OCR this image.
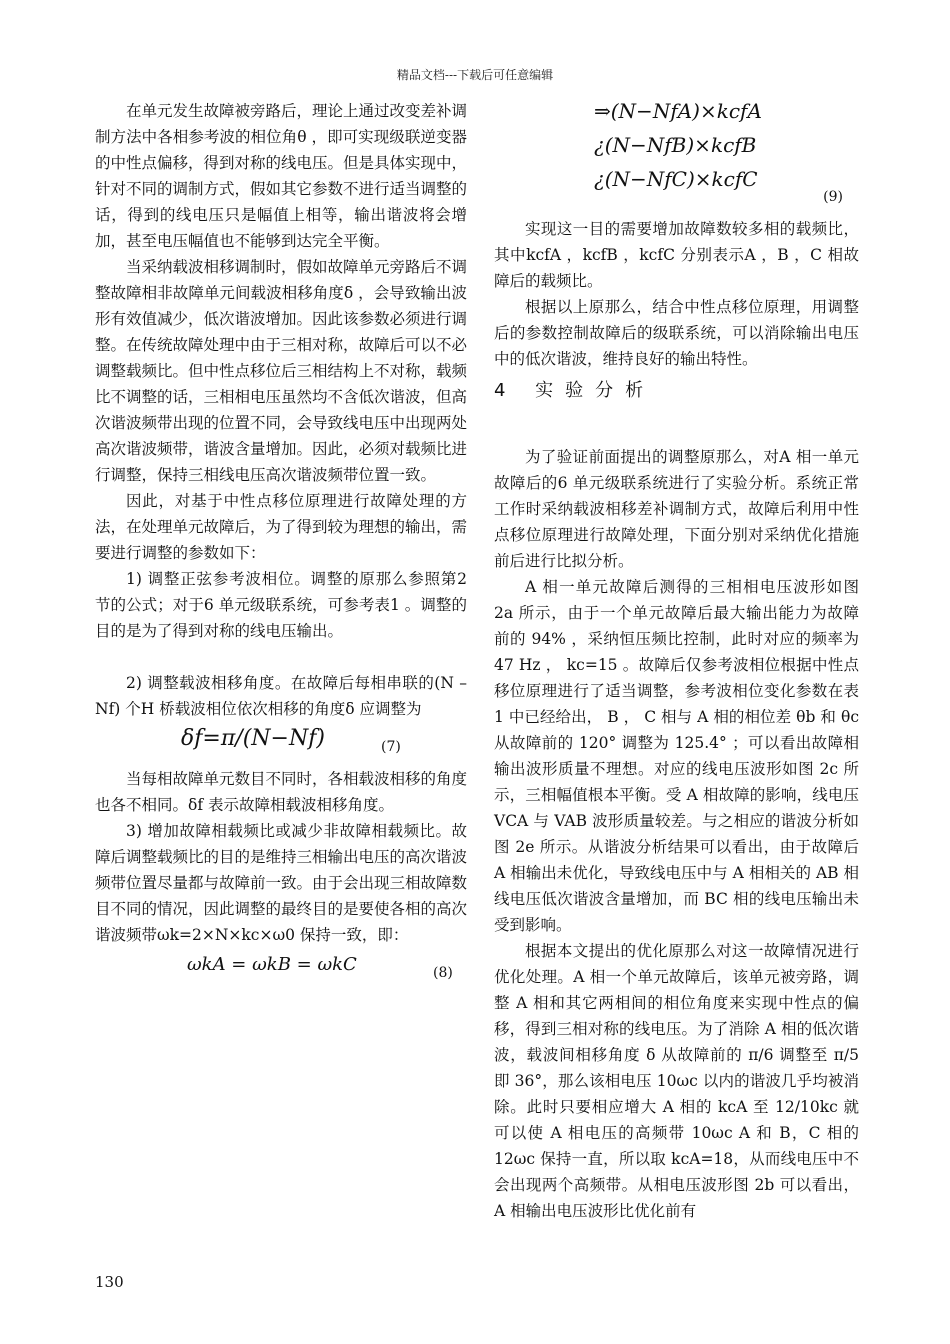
精品文档---下载后可任意编辑

在单元发生故障被旁路后，理论上通过改变差补调制方法中各相参考波的相位角θ ，即可实现级联逆变器的中性点偏移，得到对称的线电压。但是具体实现中，针对不同的调制方式，假如其它参数不进行适当调整的话，得到的线电压只是幅值上相等，输出谐波将会增加，甚至电压幅值也不能够到达完全平衡。

当采纳载波相移调制时，假如故障单元旁路后不调整故障相非故障单元间载波相移角度δ ，会导致输出波形有效值减少，低次谐波增加。因此该参数必须进行调整。在传统故障处理中由于三相对称，故障后可以不必调整载频比。但中性点移位后三相结构上不对称，载频比不调整的话，三相相电压虽然均不含低次谐波，但高次谐波频带出现的位置不同，会导致线电压中出现两处高次谐波频带，谐波含量增加。因此，必须对载频比进行调整，保持三相线电压高次谐波频带位置一致。

因此，对基于中性点移位原理进行故障处理的方法，在处理单元故障后，为了得到较为理想的输出，需要进行调整的参数如下：

1) 调整正弦参考波相位。调整的原那么参照第2 节的公式；对于6 单元级联系统，可参考表1 。调整的目的是为了得到对称的线电压输出。

2) 调整载波相移角度。在故障后每相串联的(N – Nf) 个H 桥载波相位依次相移的角度δ 应调整为

δf=π/(N−Nf)	(7)

当每相故障单元数目不同时，各相载波相移的角度也各不相同。δf 表示故障相载波相移角度。

3) 增加故障相载频比或减少非故障相载频比。故障后调整载频比的目的是维持三相输出电压的高次谐波频带位置尽量都与故障前一致。由于会出现三相故障数目不同的情况，因此调整的最终目的是要使各相的高次谐波频带ωk=2×N×kc×ω0 保持一致，即：

ωkA = ωkB = ωkC	(8)
⇒(N−NfA)×kcfA
¿(N−NfB)×kcfB
¿(N−NfC)×kcfC
(9)

实现这一目的需要增加故障数较多相的载频比，其中kcfA ，kcfB ，kcfC 分别表示A ，B ，C 相故障后的载频比。

根据以上原那么，结合中性点移位原理，用调整后的参数控制故障后的级联系统，可以消除输出电压中的低次谐波，维持良好的输出特性。

4 实验分析

为了验证前面提出的调整原那么，对A 相一单元故障后的6 单元级联系统进行了实验分析。系统正常工作时采纳载波相移差补调制方式，故障后利用中性点移位原理进行故障处理，下面分别对采纳优化措施前后进行比拟分析。

A 相一单元故障后测得的三相相电压波形如图 2a 所示，由于一个单元故障后最大输出能力为故障前的 94% ，采纳恒压频比控制，此时对应的频率为 47 Hz ， kc=15 。故障后仅参考波相位根据中性点移位原理进行了适当调整，参考波相位变化参数在表 1 中已经给出， B ， C 相与 A 相的相位差 θb 和 θc 从故障前的 120° 调整为 125.4° ；可以看出故障相输出波形质量不理想。对应的线电压波形如图 2c 所示，三相幅值根本平衡。受 A 相故障的影响，线电压 VCA 与 VAB 波形质量较差。与之相应的谐波分析如图 2e 所示。从谐波分析结果可以看出，由于故障后 A 相输出未优化，导致线电压中与 A 相相关的 AB 相线电压低次谐波含量增加，而 BC 相的线电压输出未受到影响。

根据本文提出的优化原那么对这一故障情况进行优化处理。A 相一个单元故障后，该单元被旁路，调整 A 相和其它两相间的相位角度来实现中性点的偏移，得到三相对称的线电压。为了消除 A 相的低次谐波，载波间相移角度 δ 从故障前的 π/6 调整至 π/5 即 36°，那么该相电压 10ωc 以内的谐波几乎均被消除。此时只要相应增大 A 相的 kcA 至 12/10kc 就可以使 A 相电压的高频带 10ωc A 和 B，C 相的 12ωc 保持一直，所以取 kcA=18，从而线电压中不会出现两个高频带。从相电压波形图 2b 可以看出，A 相输出电压波形比优化前有

130
